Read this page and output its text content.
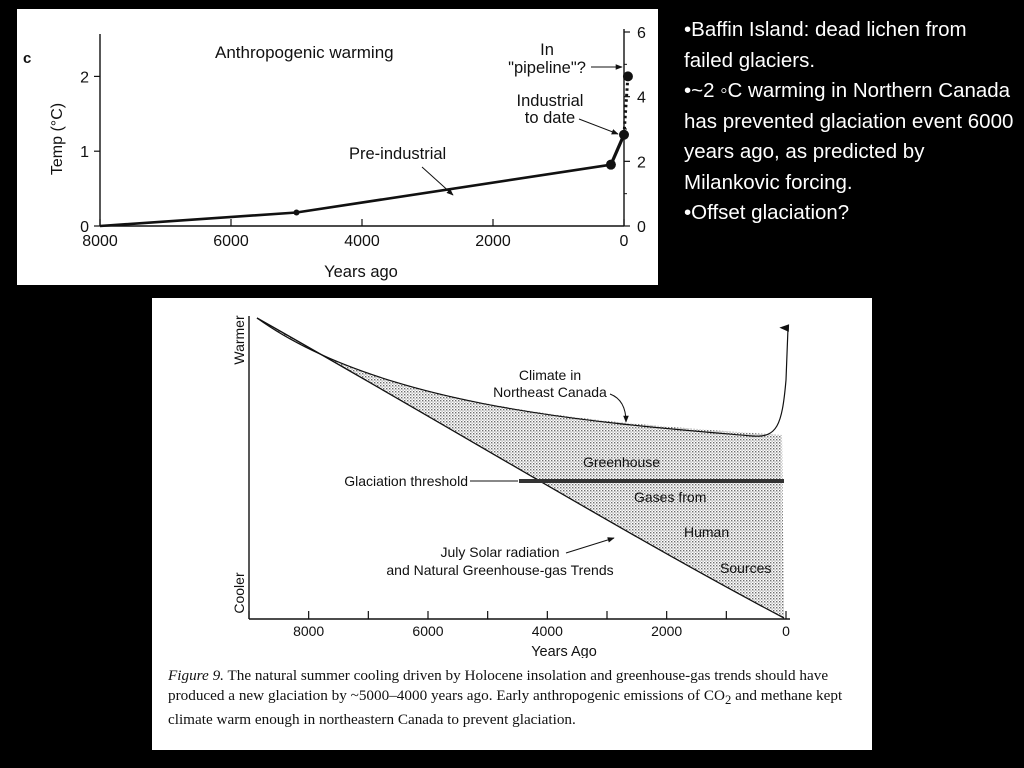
8000	6000	4000	2000	0
0
1
2
0
2
4
6
c	Anthropogenic warming
Years ago
Temp (°C)	Pre-industrial
Industrial
to date
In
"pipeline"?

•Baffin Island: dead lichen from failed glaciers.

•~2 ◦C warming in Northern Canada has prevented glaciation event 6000 years ago, as predicted by Milankovic forcing.

•Offset glaciation?

8000	6000	4000	2000	0
Years Ago
Warmer
Cooler
Climate in
Northeast Canada
Glaciation threshold
Greenhouse
Gases from
Human
Sources
July Solar radiation
and Natural Greenhouse-gas Trends
Figure 9. The natural summer cooling driven by Holocene insolation and greenhouse-gas trends should have produced a new glaciation by ~5000–4000 years ago. Early anthropogenic emissions of $CO_2$ and methane kept climate warm enough in northeastern Canada to prevent glaciation.
